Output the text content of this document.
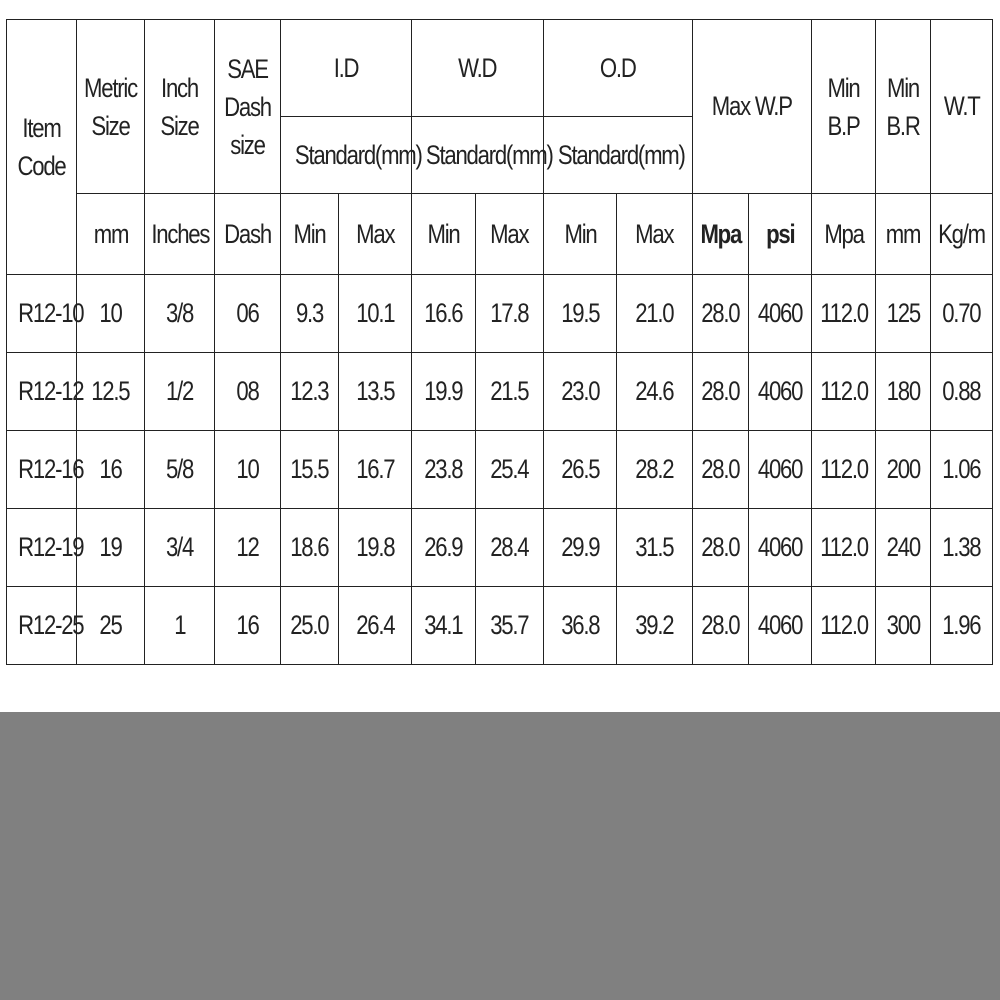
Item Code	Metric Size	Inch Size	SAE Dash size	I.D		W.D		O.D		Max W.P		Min B.P	Min B.R	W.T
				Standard(mm)		Standard(mm)		Standard(mm)						
	mm	Inches	Dash	Min	Max	Min	Max	Min	Max	Mpa	psi	Mpa	mm	Kg/m
R12-10	10	3/8	06	9.3	10.1	16.6	17.8	19.5	21.0	28.0	4060	112.0	125	0.70
R12-12	12.5	1/2	08	12.3	13.5	19.9	21.5	23.0	24.6	28.0	4060	112.0	180	0.88
R12-16	16	5/8	10	15.5	16.7	23.8	25.4	26.5	28.2	28.0	4060	112.0	200	1.06
R12-19	19	3/4	12	18.6	19.8	26.9	28.4	29.9	31.5	28.0	4060	112.0	240	1.38
R12-25	25	1	16	25.0	26.4	34.1	35.7	36.8	39.2	28.0	4060	112.0	300	1.96
